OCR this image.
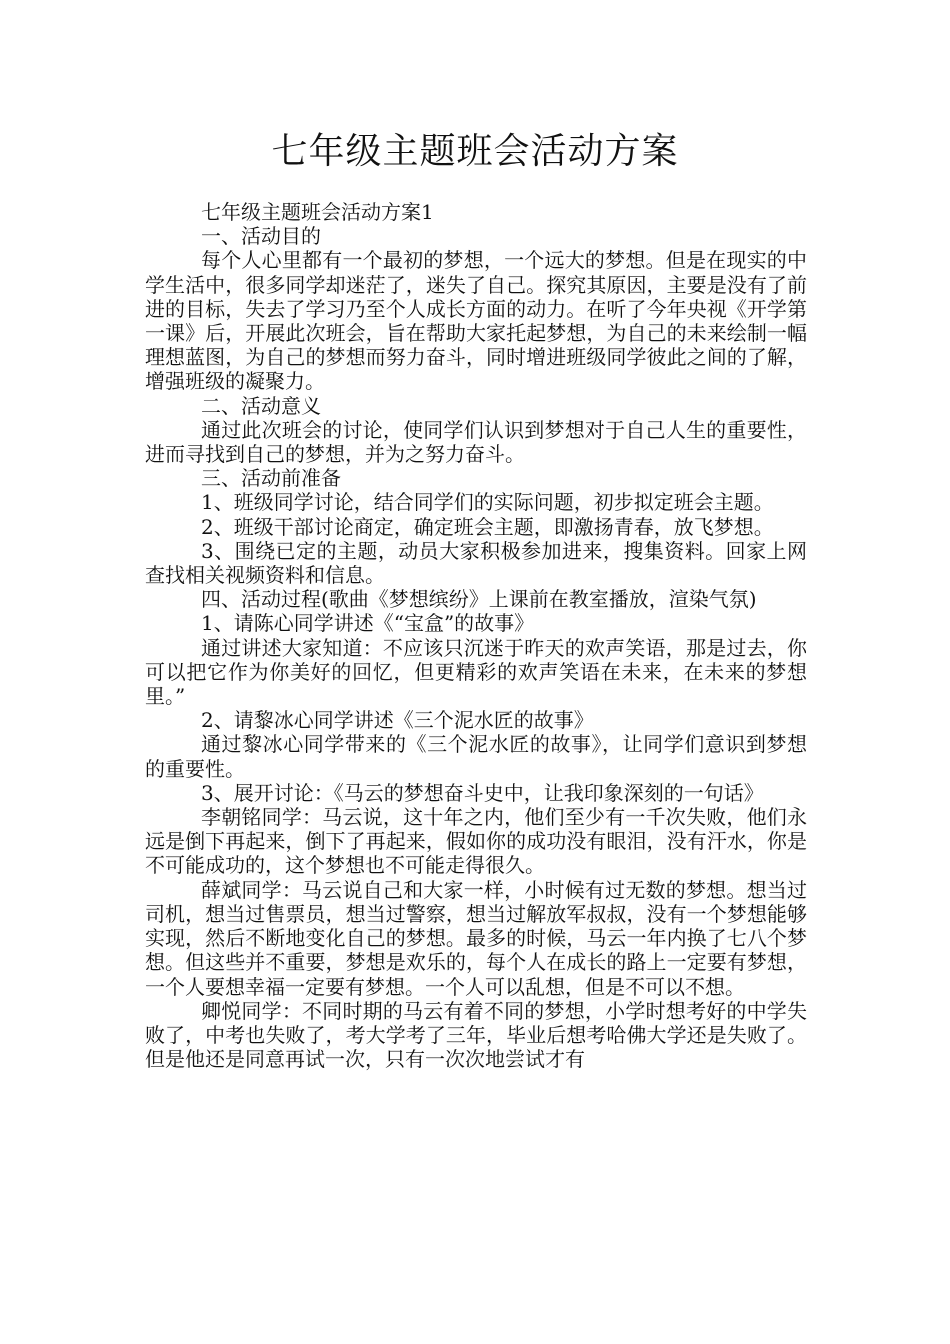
七年级主题班会活动方案

七年级主题班会活动方案1

一、活动目的

每个人心里都有一个最初的梦想，一个远大的梦想。但是在现实的中学生活中，很多同学却迷茫了，迷失了自己。探究其原因，主要是没有了前进的目标，失去了学习乃至个人成长方面的动力。在听了今年央视《开学第一课》后，开展此次班会，旨在帮助大家托起梦想，为自己的未来绘制一幅理想蓝图，为自己的梦想而努力奋斗，同时增进班级同学彼此之间的了解，增强班级的凝聚力。

二、活动意义

通过此次班会的讨论，使同学们认识到梦想对于自己人生的重要性，进而寻找到自己的梦想，并为之努力奋斗。

三、活动前准备

1、班级同学讨论，结合同学们的实际问题，初步拟定班会主题。

2、班级干部讨论商定，确定班会主题，即激扬青春，放飞梦想。

3、围绕已定的主题，动员大家积极参加进来，搜集资料。回家上网查找相关视频资料和信息。

四、活动过程(歌曲《梦想缤纷》上课前在教室播放，渲染气氛)

1、请陈心同学讲述《“宝盒”的故事》

通过讲述大家知道：不应该只沉迷于昨天的欢声笑语，那是过去，你可以把它作为你美好的回忆，但更精彩的欢声笑语在未来，在未来的梦想里。”

2、请黎冰心同学讲述《三个泥水匠的故事》

通过黎冰心同学带来的《三个泥水匠的故事》，让同学们意识到梦想的重要性。

3、展开讨论：《马云的梦想奋斗史中，让我印象深刻的一句话》

李朝铭同学：马云说，这十年之内，他们至少有一千次失败，他们永远是倒下再起来，倒下了再起来，假如你的成功没有眼泪，没有汗水，你是不可能成功的，这个梦想也不可能走得很久。

薛斌同学：马云说自己和大家一样，小时候有过无数的梦想。想当过司机，想当过售票员，想当过警察，想当过解放军叔叔，没有一个梦想能够实现，然后不断地变化自己的梦想。最多的时候，马云一年内换了七八个梦想。但这些并不重要，梦想是欢乐的，每个人在成长的路上一定要有梦想，一个人要想幸福一定要有梦想。一个人可以乱想，但是不可以不想。

卿悦同学：不同时期的马云有着不同的梦想，小学时想考好的中学失败了，中考也失败了，考大学考了三年，毕业后想考哈佛大学还是失败了。但是他还是同意再试一次，只有一次次地尝试才有
